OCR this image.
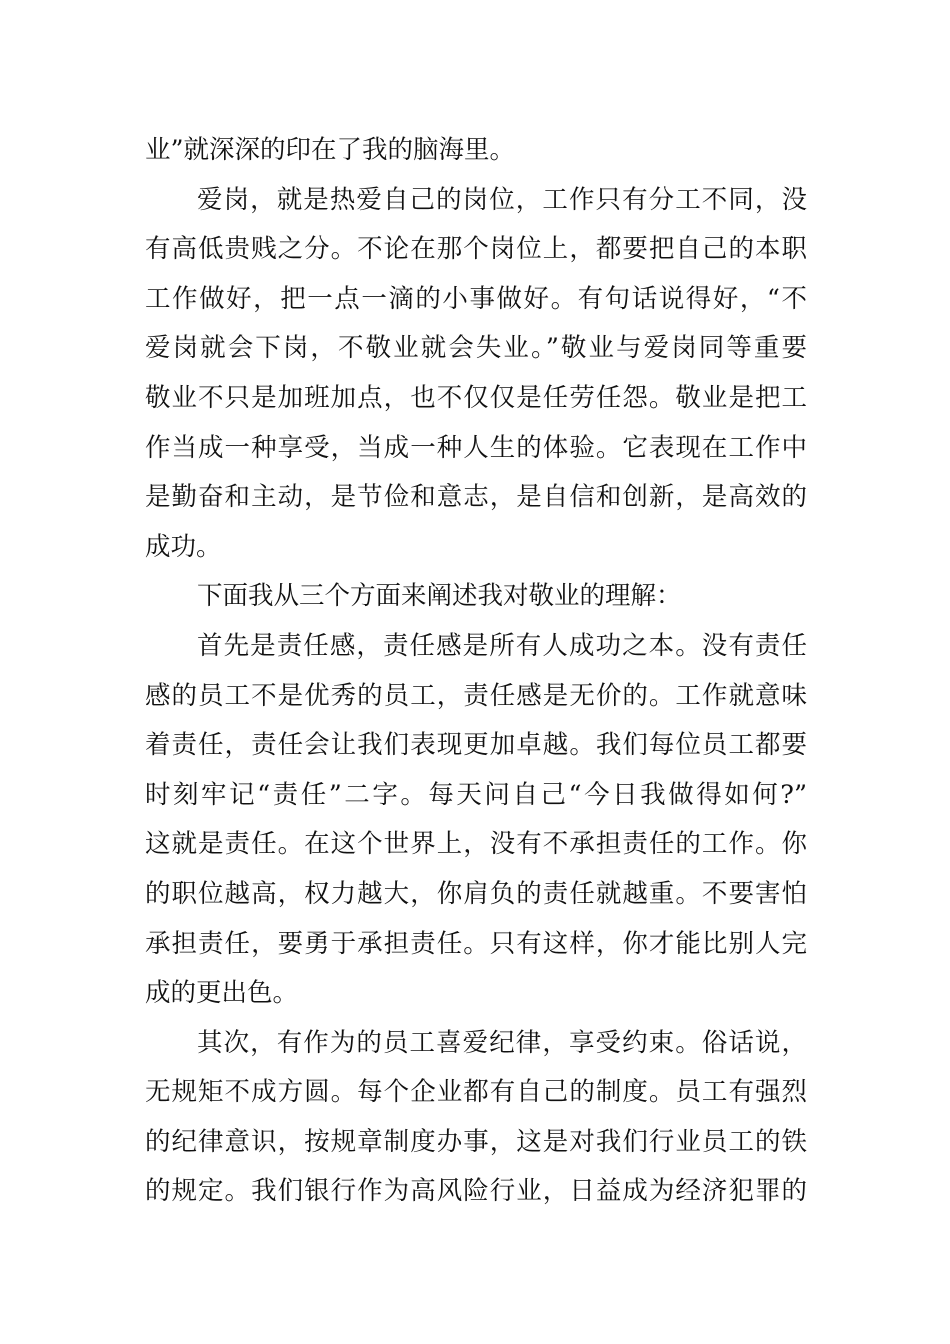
业”就深深的印在了我的脑海里。
爱岗，就是热爱自己的岗位，工作只有分工不同，没
有高低贵贱之分。不论在那个岗位上，都要把自己的本职
工作做好，把一点一滴的小事做好。有句话说得好，“不
爱岗就会下岗，不敬业就会失业。”敬业与爱岗同等重要
敬业不只是加班加点，也不仅仅是任劳任怨。敬业是把工
作当成一种享受，当成一种人生的体验。它表现在工作中
是勤奋和主动，是节俭和意志，是自信和创新，是高效的
成功。
下面我从三个方面来阐述我对敬业的理解：
首先是责任感，责任感是所有人成功之本。没有责任
感的员工不是优秀的员工，责任感是无价的。工作就意味
着责任，责任会让我们表现更加卓越。我们每位员工都要
时刻牢记“责任”二字。每天问自己“今日我做得如何?”
这就是责任。在这个世界上，没有不承担责任的工作。你
的职位越高，权力越大，你肩负的责任就越重。不要害怕
承担责任，要勇于承担责任。只有这样，你才能比别人完
成的更出色。
其次，有作为的员工喜爱纪律，享受约束。俗话说，
无规矩不成方圆。每个企业都有自己的制度。员工有强烈
的纪律意识，按规章制度办事，这是对我们行业员工的铁
的规定。我们银行作为高风险行业，日益成为经济犯罪的
